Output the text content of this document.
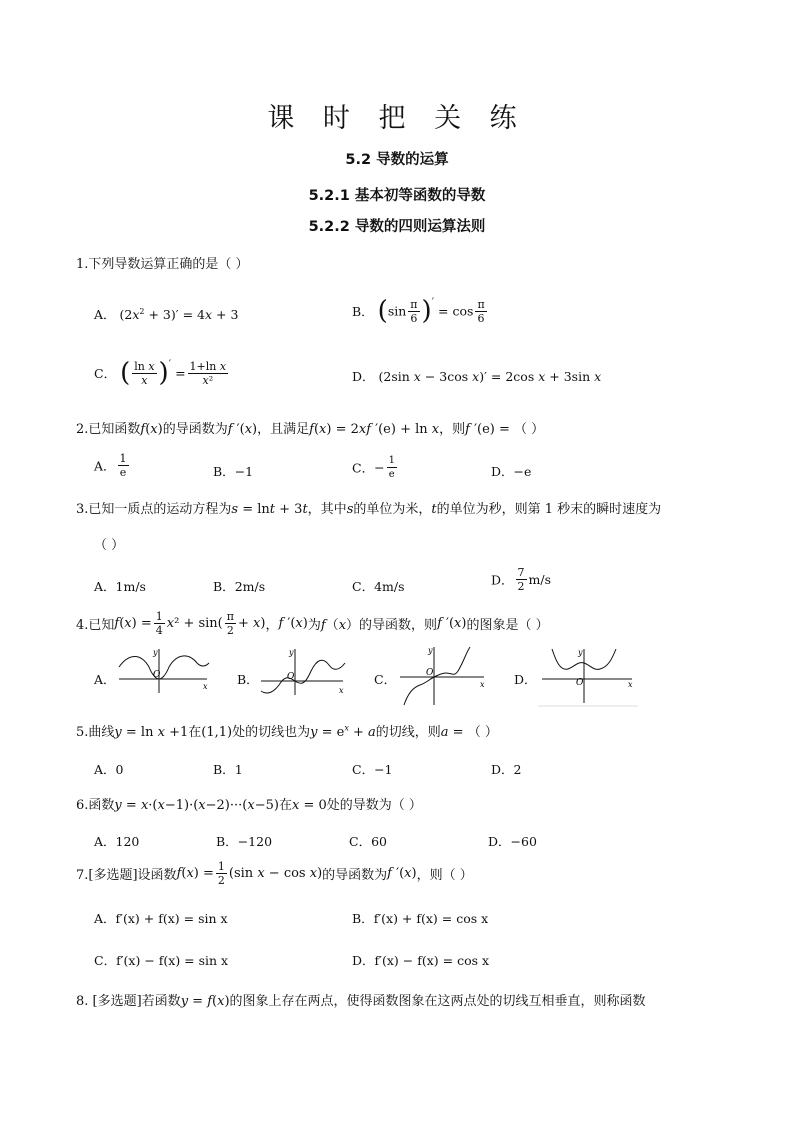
课 时 把 关 练
5.2 导数的运算
5.2.1 基本初等函数的导数
5.2.2 导数的四则运算法则
1.下列导数运算正确的是（ ）
A． $(2x^2 + 3)' = 4x + 3$	B． $(\sin \frac{\pi}{6} )' = \cos \frac{\pi}{6}$
C． ( $\frac{\text{ln x}}{x} )' = \frac{\text{1+ln x}}{\text{x²}}$	D． (2sin x − 3cos x)′ = 2cos x + 3sin x
2.已知函数f(x)的导函数为f ′(x)，且满足f(x) = 2xf ′(e) + ln x，则f ′(e) = （ ）
A． $\frac{1}{e}$	B．−1	C．− $\frac{1}{e}$	D．−e
3.已知一质点的运动方程为s = lnt + 3t，其中s的单位为米，t的单位为秒，则第 1 秒末的瞬时速度为
（ ）
A．1m/s	B．2m/s	C．4m/s	D． $\frac{7}{2} m/s$
4.已知$f(x) = \frac{1}{4} x^2 + \sin( \frac{\pi}{2} + x)$，f ′(x)为f（x）的导函数，则f ′(x)的图象是（ ）
A．
y
x
O	B．
y
x
O	C．
y
x
O	D．
y
x
O
5.曲线y = ln x +1在(1,1)处的切线也为$y = e^x + a$的切线，则a = （ ）
A．0	B．1	C．−1	D．2
6.函数y = x·(x−1)·(x−2)···(x−5)在x = 0处的导数为（ ）
A．120	B．−120	C．60	D．−60
7.[多选题]设函数$f(x) = \frac{1}{2} (\sin$ x − cos x)的导函数为f ′(x)，则（ ）
A．f′(x) + f(x) = sin x	B．f′(x) + f(x) = cos x
C．f′(x) − f(x) = sin x	D．f′(x) − f(x) = cos x
8. [多选题]若函数y = f(x)的图象上存在两点，使得函数图象在这两点处的切线互相垂直，则称函数
